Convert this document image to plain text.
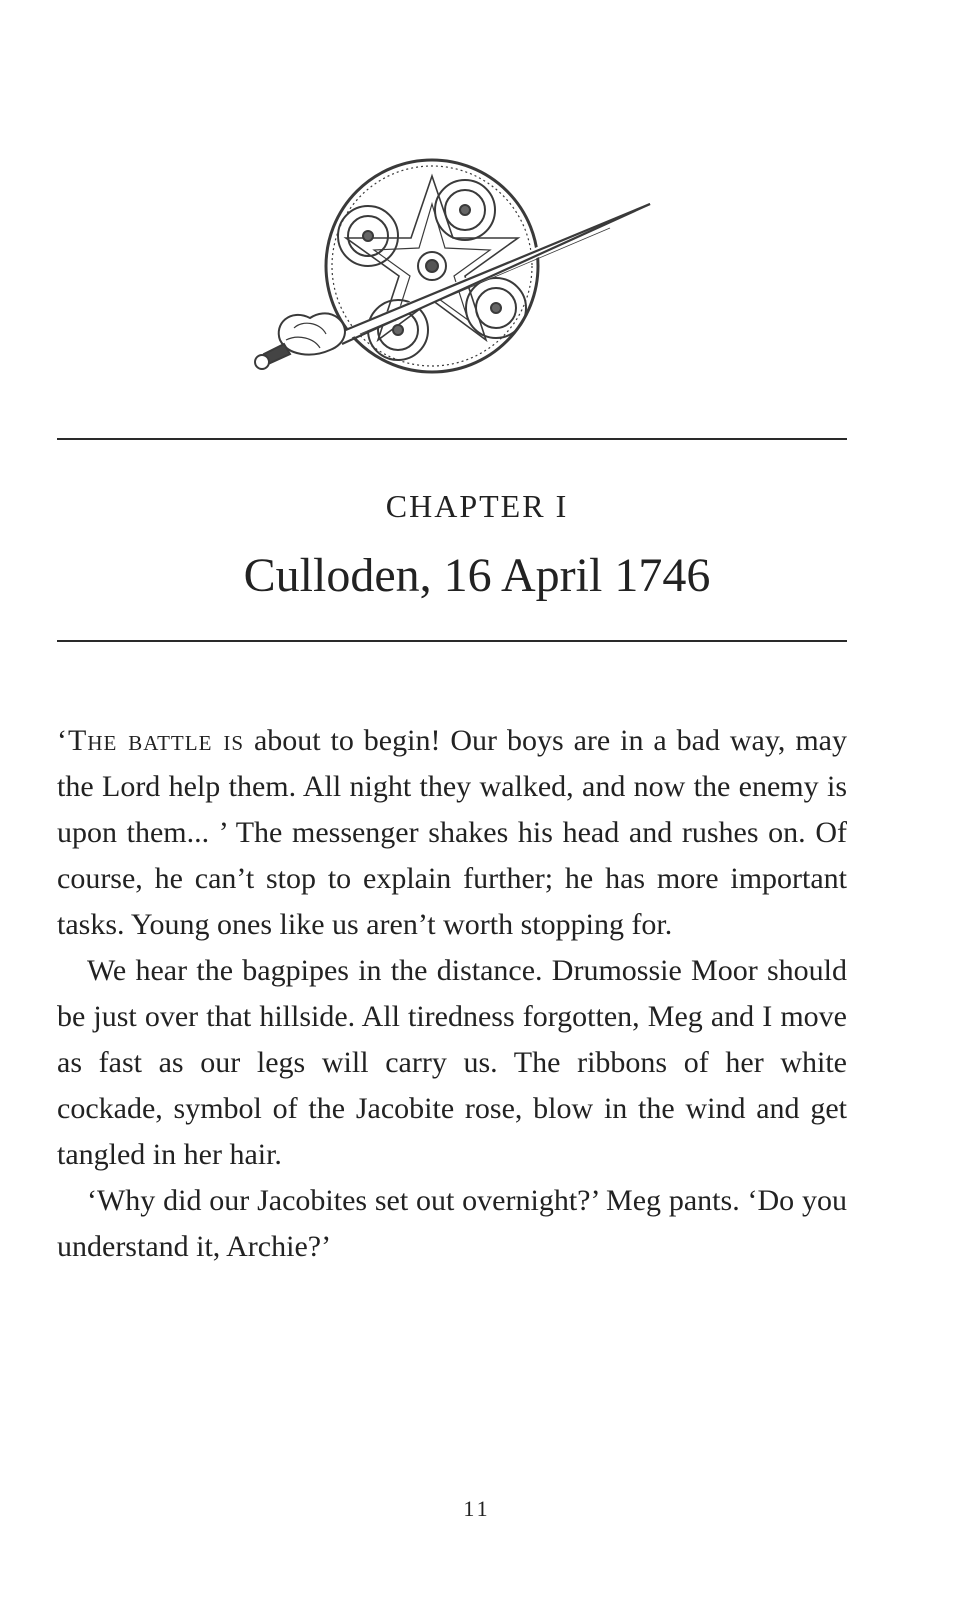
CHAPTER I
Culloden, 16 April 1746

‘The battle is about to begin! Our boys are in a bad way, may the Lord help them. All night they walked, and now the enemy is upon them... ’ The messenger shakes his head and rushes on. Of course, he can’t stop to explain further; he has more important tasks. Young ones like us aren’t worth stopping for.

We hear the bagpipes in the distance. Drumossie Moor should be just over that hillside. All tiredness forgotten, Meg and I move as fast as our legs will carry us. The ribbons of her white cockade, symbol of the Jacobite rose, blow in the wind and get tangled in her hair.

‘Why did our Jacobites set out overnight?’ Meg pants. ‘Do you understand it, Archie?’

11
